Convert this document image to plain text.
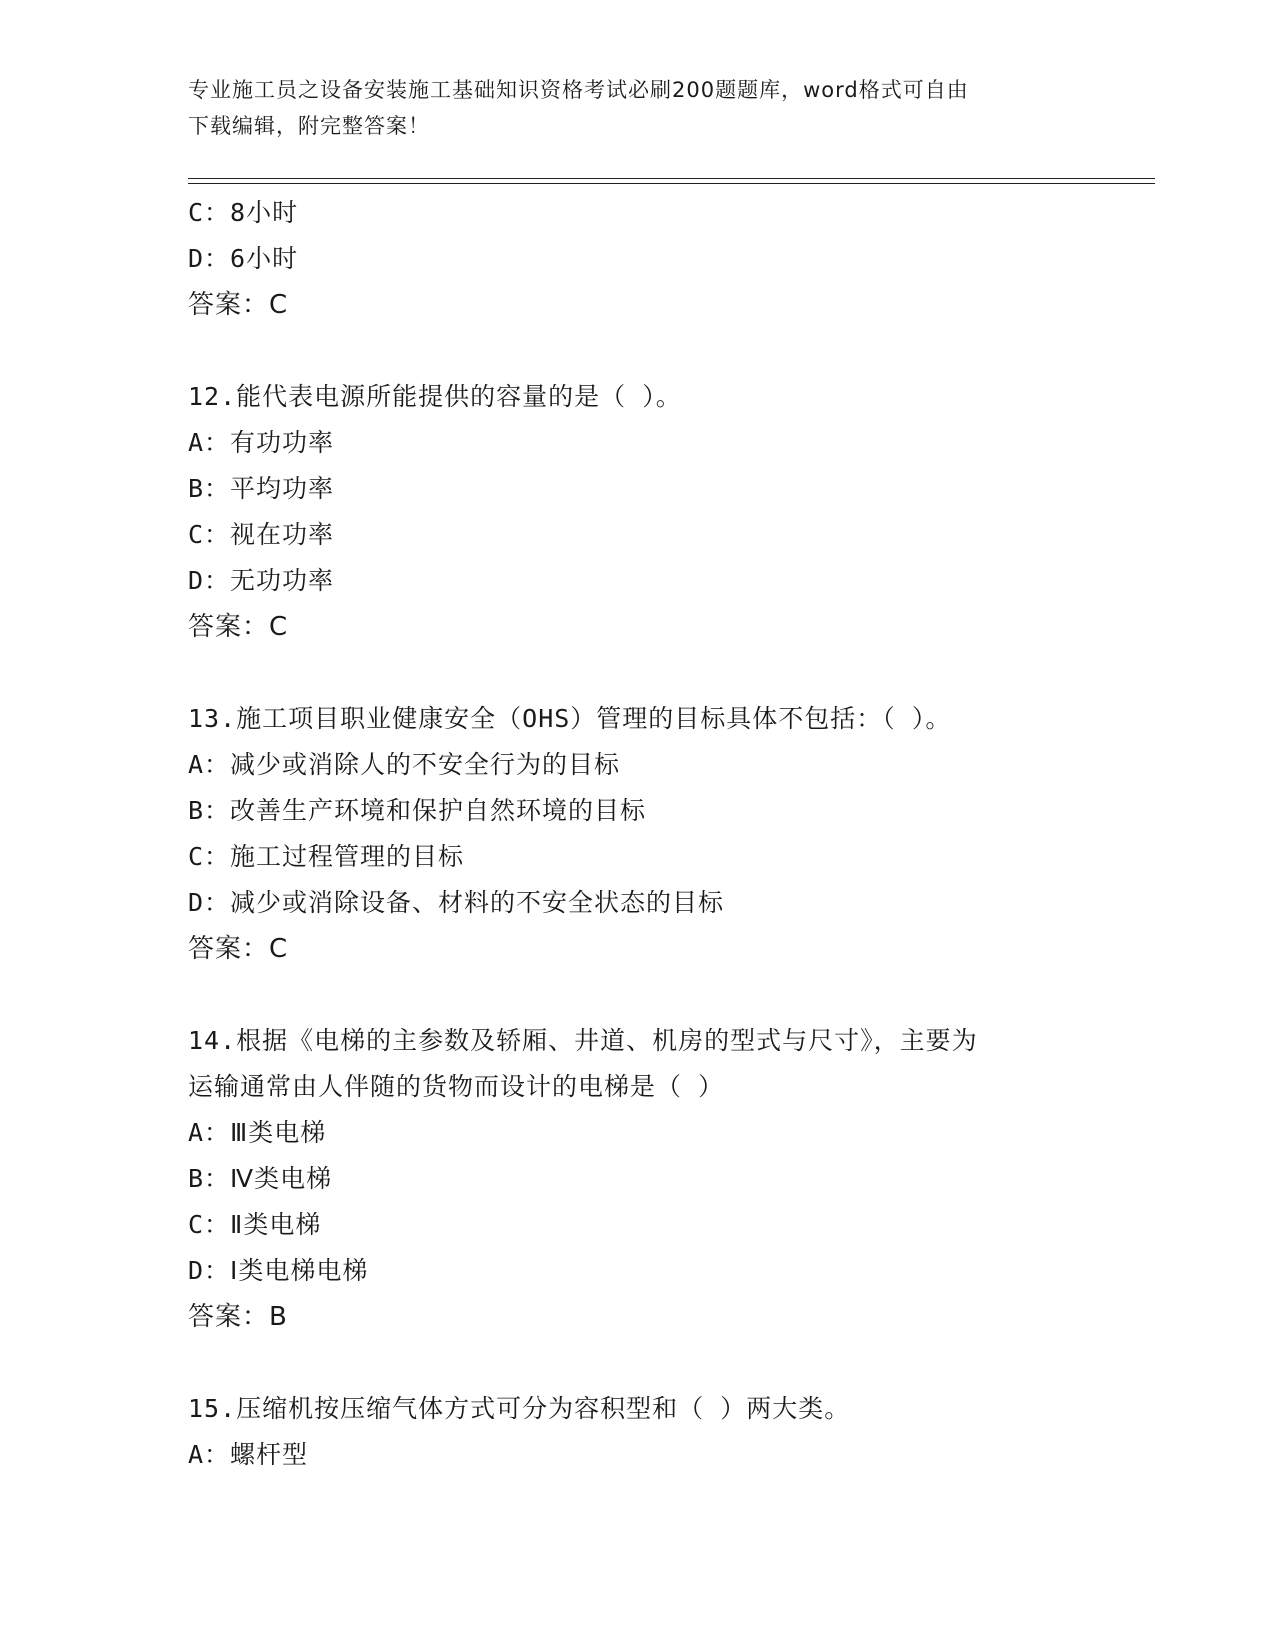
专业施工员之设备安装施工基础知识资格考试必刷200题题库，word格式可自由
下载编辑，附完整答案！
C：8小时
D：6小时
答案：C
12.能代表电源所能提供的容量的是（ ）。
A：有功功率
B：平均功率
C：视在功率
D：无功功率
答案：C
13.施工项目职业健康安全（OHS）管理的目标具体不包括：（ ）。
A：减少或消除人的不安全行为的目标
B：改善生产环境和保护自然环境的目标
C：施工过程管理的目标
D：减少或消除设备、材料的不安全状态的目标
答案：C
14.根据《电梯的主参数及轿厢、井道、机房的型式与尺寸》，主要为
运输通常由人伴随的货物而设计的电梯是（ ）
A：Ⅲ类电梯
B：Ⅳ类电梯
C：Ⅱ类电梯
D：Ⅰ类电梯电梯
答案：B
15.压缩机按压缩气体方式可分为容积型和（ ）两大类。
A：螺杆型
